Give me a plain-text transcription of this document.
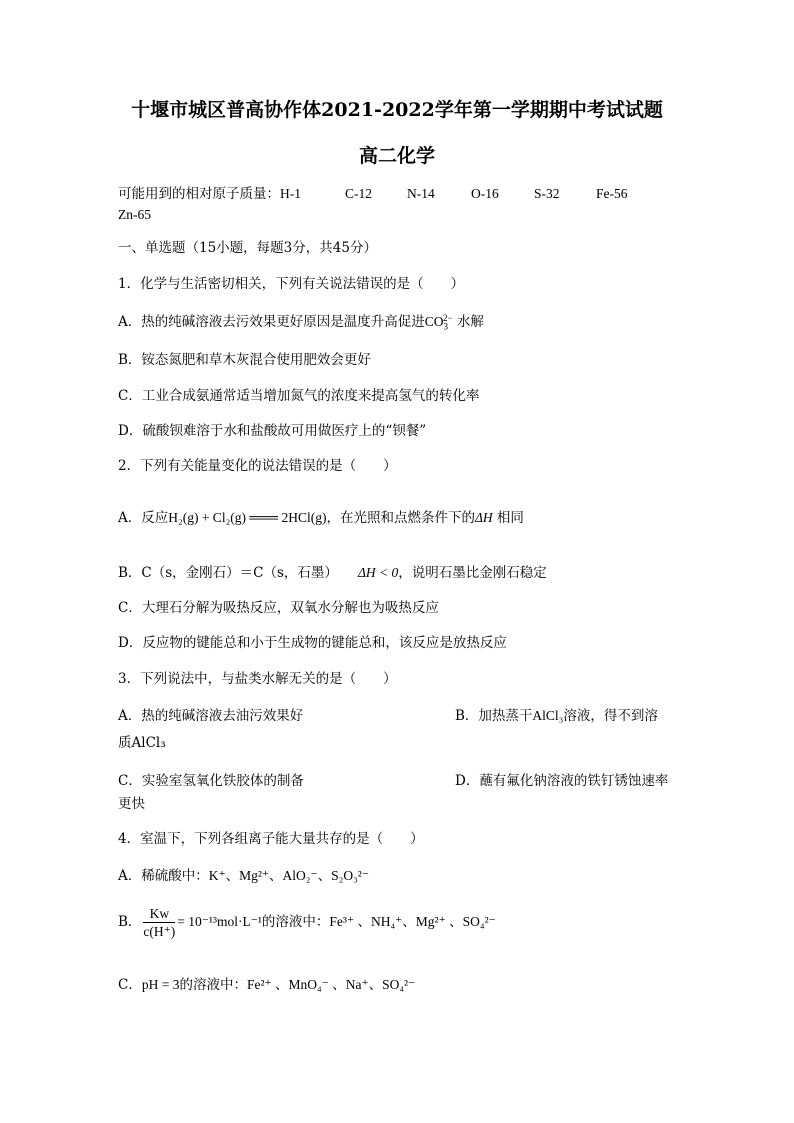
十堰市城区普高协作体2021-2022学年第一学期期中考试试题
高二化学
可能用到的相对原子质量：H-1	C-12	N-14	O-16	S-32	Fe-56
Zn-65
一、单选题（15小题，每题3分，共45分）
1．化学与生活密切相关，下列有关说法错误的是（　　）
A．热的纯碱溶液去污效果更好原因是温度升高促进$CO_3^{2-}$ 水解
B．铵态氮肥和草木灰混合使用肥效会更好
C．工业合成氨通常适当增加氮气的浓度来提高氢气的转化率
D．硫酸钡难溶于水和盐酸故可用做医疗上的“钡餐”
2．下列有关能量变化的说法错误的是（　　）
A．反应H₂(g) + Cl₂(g) ═══ 2HCl(g)，在光照和点燃条件下的ΔH 相同
B．C（s，金刚石）＝C（s，石墨） ΔH < 0，说明石墨比金刚石稳定
C．大理石分解为吸热反应，双氧水分解也为吸热反应
D．反应物的键能总和小于生成物的键能总和，该反应是放热反应
3．下列说法中，与盐类水解无关的是（　　）
A．热的纯碱溶液去油污效果好	B．加热蒸干AlCl₃溶液，得不到溶
质AlCl₃
C．实验室氢氧化铁胶体的制备	D．蘸有氟化钠溶液的铁钉锈蚀速率
更快
4．室温下，下列各组离子能大量共存的是（　　）
A．稀硫酸中：K⁺、Mg²⁺、AlO₂⁻、S₂O₃²⁻
B． $\frac{Kw}{c(H^+)} = 10^{-13}mol\cdot L^{-1}$的溶液中：Fe³⁺ 、NH₄⁺、Mg²⁺ 、SO₄²⁻
C．pH = 3的溶液中：Fe²⁺ 、MnO₄⁻ 、Na⁺、SO₄²⁻
